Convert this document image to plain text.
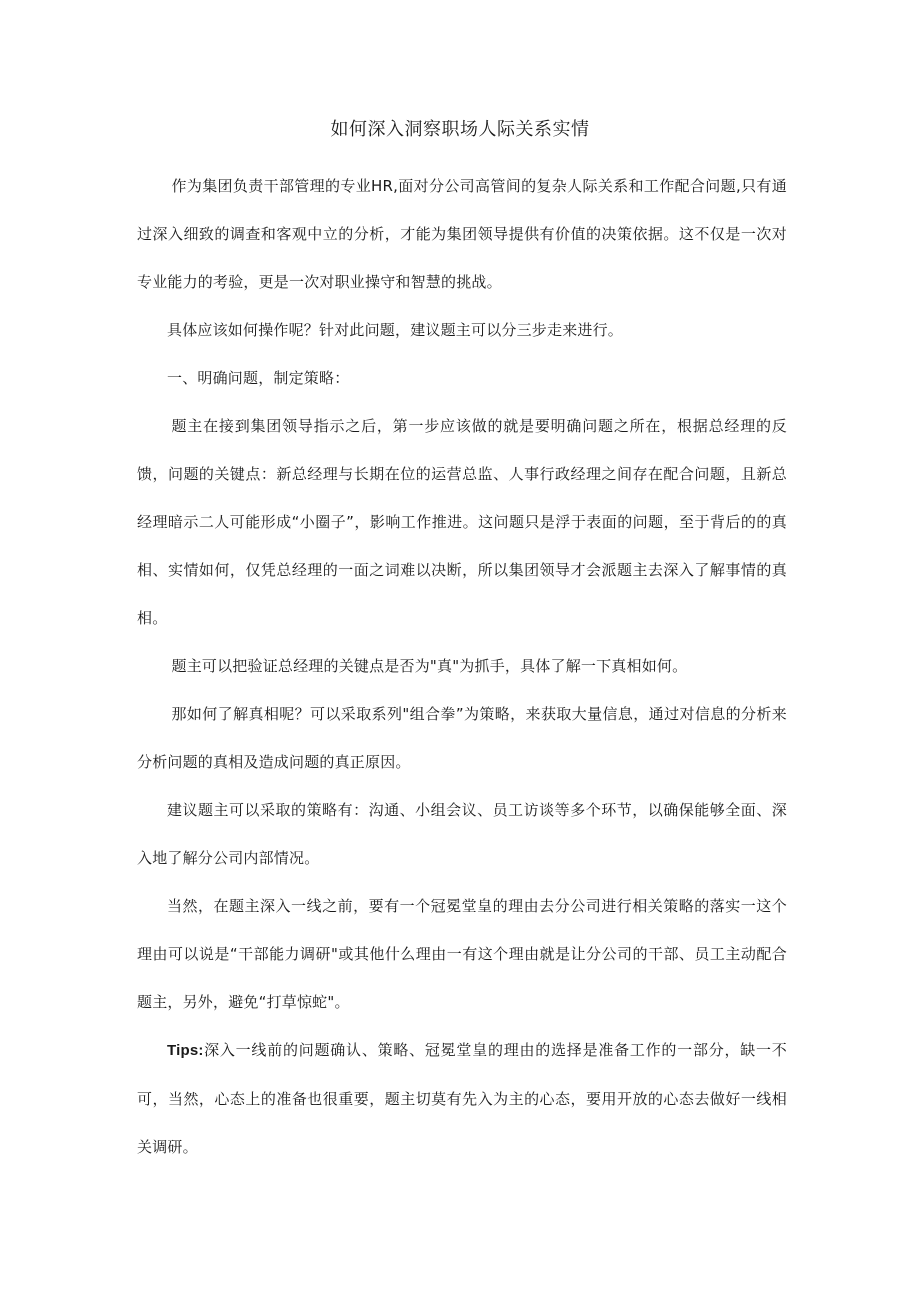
如何深入洞察职场人际关系实情

作为集团负责干部管理的专业HR,面对分公司高管间的复杂人际关系和工作配合问题,只有通过深入细致的调查和客观中立的分析，才能为集团领导提供有价值的决策依据。这不仅是一次对专业能力的考验，更是一次对职业操守和智慧的挑战。

具体应该如何操作呢？针对此问题，建议题主可以分三步走来进行。

一、明确问题，制定策略：

题主在接到集团领导指示之后，第一步应该做的就是要明确问题之所在，根据总经理的反馈，问题的关键点：新总经理与长期在位的运营总监、人事行政经理之间存在配合问题，且新总经理暗示二人可能形成“小圈子”，影响工作推进。这问题只是浮于表面的问题，至于背后的的真相、实情如何，仅凭总经理的一面之词难以决断，所以集团领导才会派题主去深入了解事情的真相。

题主可以把验证总经理的关键点是否为"真"为抓手，具体了解一下真相如何。

那如何了解真相呢？可以采取系列"组合拳”为策略，来获取大量信息，通过对信息的分析来分析问题的真相及造成问题的真正原因。

建议题主可以采取的策略有：沟通、小组会议、员工访谈等多个环节，以确保能够全面、深入地了解分公司内部情况。

当然，在题主深入一线之前，要有一个冠冕堂皇的理由去分公司进行相关策略的落实一这个理由可以说是“干部能力调研"或其他什么理由一有这个理由就是让分公司的干部、员工主动配合题主，另外，避免“打草惊蛇"。

Tips:深入一线前的问题确认、策略、冠冕堂皇的理由的选择是准备工作的一部分，缺一不可，当然，心态上的准备也很重要，题主切莫有先入为主的心态，要用开放的心态去做好一线相关调研。
